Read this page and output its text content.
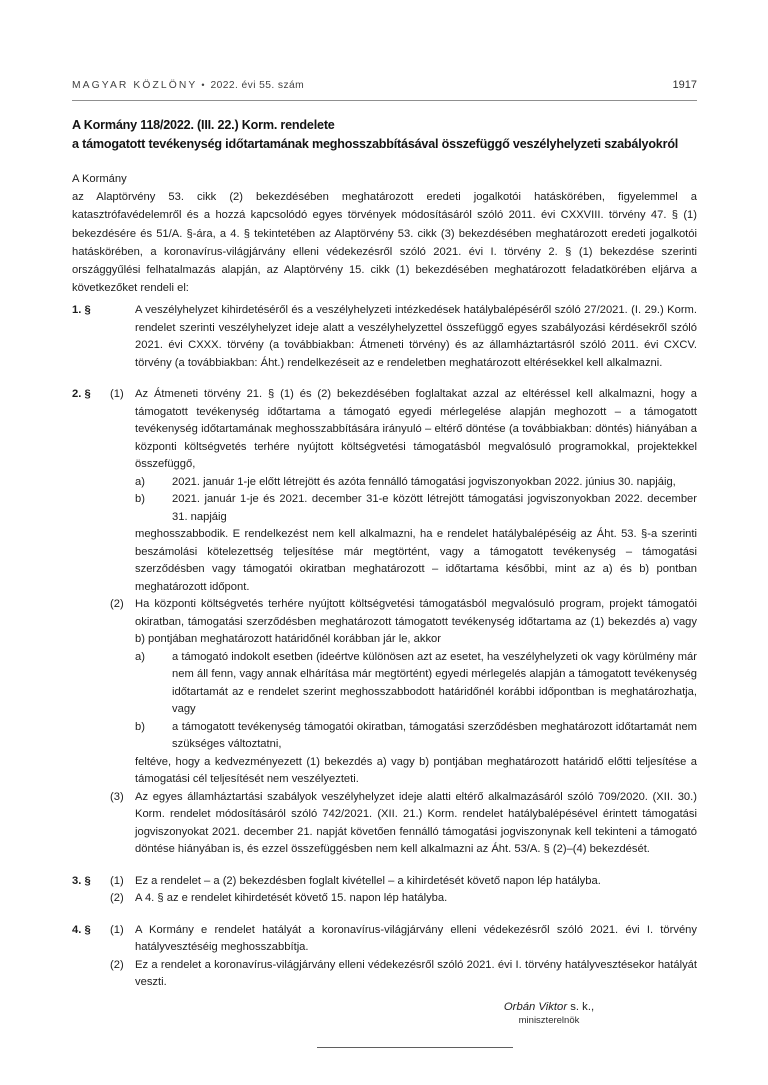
MAGYAR KÖZLÖNY • 2022. évi 55. szám	1917
A Kormány 118/2022. (III. 22.) Korm. rendelete
a támogatott tevékenység időtartamának meghosszabbításával összefüggő veszélyhelyzeti szabályokról
A Kormány
az Alaptörvény 53. cikk (2) bekezdésében meghatározott eredeti jogalkotói hatáskörében, figyelemmel a katasztrófavédelemről és a hozzá kapcsolódó egyes törvények módosításáról szóló 2011. évi CXXVIII. törvény 47. § (1) bekezdésére és 51/A. §-ára, a 4. § tekintetében az Alaptörvény 53. cikk (3) bekezdésében meghatározott eredeti jogalkotói hatáskörében, a koronavírus-világjárvány elleni védekezésről szóló 2021. évi I. törvény 2. § (1) bekezdése szerinti országgyűlési felhatalmazás alapján, az Alaptörvény 15. cikk (1) bekezdésében meghatározott feladatkörében eljárva a következőket rendeli el:
1. §	A veszélyhelyzet kihirdetéséről és a veszélyhelyzeti intézkedések hatálybalépéséről szóló 27/2021. (I. 29.) Korm. rendelet szerinti veszélyhelyzet ideje alatt a veszélyhelyzettel összefüggő egyes szabályozási kérdésekről szóló 2021. évi CXXX. törvény (a továbbiakban: Átmeneti törvény) és az államháztartásról szóló 2011. évi CXCV. törvény (a továbbiakban: Áht.) rendelkezéseit az e rendeletben meghatározott eltérésekkel kell alkalmazni.
2. §	(1)	Az Átmeneti törvény 21. § (1) és (2) bekezdésében foglaltakat azzal az eltéréssel kell alkalmazni, hogy a támogatott tevékenység időtartama a támogató egyedi mérlegelése alapján meghozott – a támogatott tevékenység időtartamának meghosszabbítására irányuló – eltérő döntése (a továbbiakban: döntés) hiányában a központi költségvetés terhére nyújtott költségvetési támogatásból megvalósuló programokkal, projektekkel összefüggő,
a)	2021. január 1-je előtt létrejött és azóta fennálló támogatási jogviszonyokban 2022. június 30. napjáig,
b)	2021. január 1-je és 2021. december 31-e között létrejött támogatási jogviszonyokban 2022. december 31. napjáig
meghosszabbodik. E rendelkezést nem kell alkalmazni, ha e rendelet hatálybalépéséig az Áht. 53. §-a szerinti beszámolási kötelezettség teljesítése már megtörtént, vagy a támogatott tevékenység – támogatási szerződésben vagy támogatói okiratban meghatározott – időtartama későbbi, mint az a) és b) pontban meghatározott időpont.
(2)	Ha központi költségvetés terhére nyújtott költségvetési támogatásból megvalósuló program, projekt támogatói okiratban, támogatási szerződésben meghatározott támogatott tevékenység időtartama az (1) bekezdés a) vagy b) pontjában meghatározott határidőnél korábban jár le, akkor
a)	a támogató indokolt esetben (ideértve különösen azt az esetet, ha veszélyhelyzeti ok vagy körülmény már nem áll fenn, vagy annak elhárítása már megtörtént) egyedi mérlegelés alapján a támogatott tevékenység időtartamát az e rendelet szerint meghosszabbodott határidőnél korábbi időpontban is meghatározhatja, vagy
b)	a támogatott tevékenység támogatói okiratban, támogatási szerződésben meghatározott időtartamát nem szükséges változtatni,
feltéve, hogy a kedvezményezett (1) bekezdés a) vagy b) pontjában meghatározott határidő előtti teljesítése a támogatási cél teljesítését nem veszélyezteti.
(3)	Az egyes államháztartási szabályok veszélyhelyzet ideje alatti eltérő alkalmazásáról szóló 709/2020. (XII. 30.) Korm. rendelet módosításáról szóló 742/2021. (XII. 21.) Korm. rendelet hatálybalépésével érintett támogatási jogviszonyokat 2021. december 21. napját követően fennálló támogatási jogviszonynak kell tekinteni a támogató döntése hiányában is, és ezzel összefüggésben nem kell alkalmazni az Áht. 53/A. § (2)–(4) bekezdését.
3. §	(1)	Ez a rendelet – a (2) bekezdésben foglalt kivétellel – a kihirdetését követő napon lép hatályba.
(2)	A 4. § az e rendelet kihirdetését követő 15. napon lép hatályba.
4. §	(1)	A Kormány e rendelet hatályát a koronavírus-világjárvány elleni védekezésről szóló 2021. évi I. törvény hatályvesztéséig meghosszabbítja.
(2)	Ez a rendelet a koronavírus-világjárvány elleni védekezésről szóló 2021. évi I. törvény hatályvesztésekor hatályát veszti.
Orbán Viktor s. k.,
miniszterelnök
